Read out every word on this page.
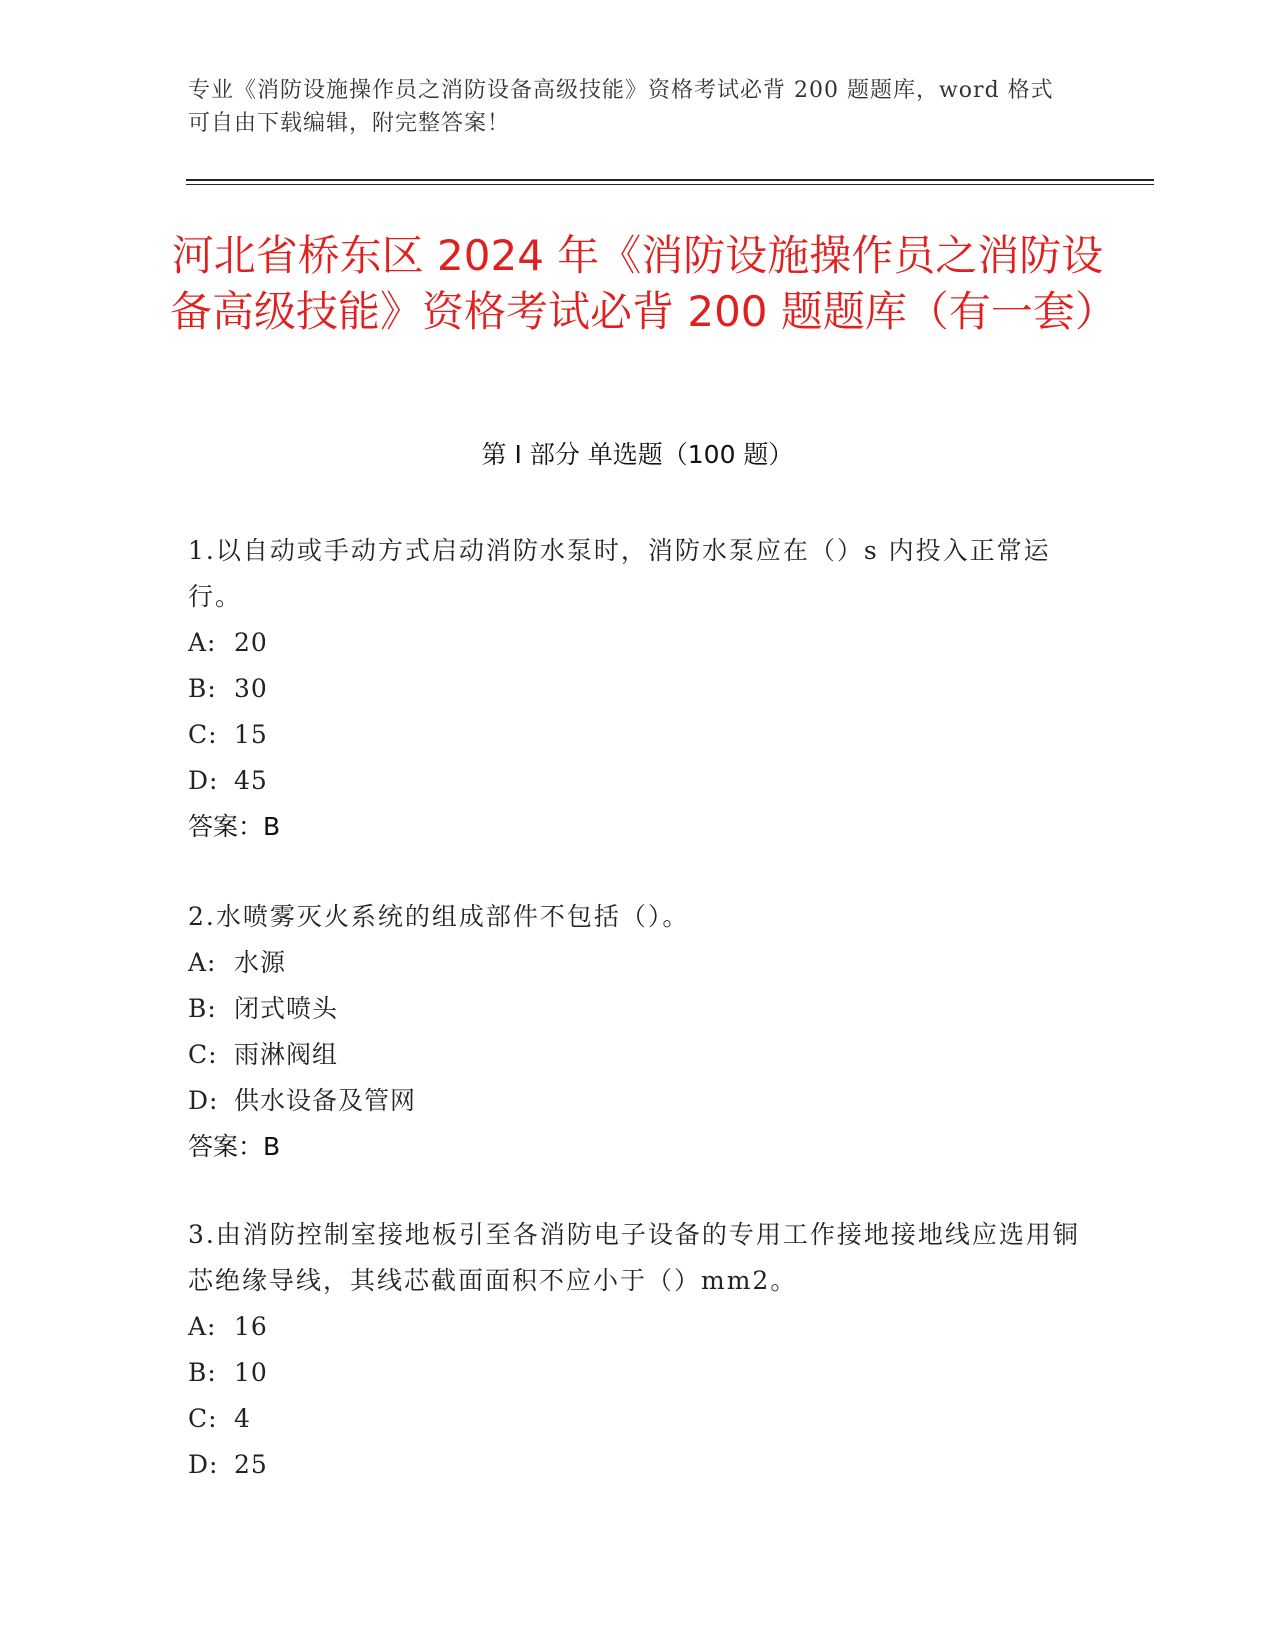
专业《消防设施操作员之消防设备高级技能》资格考试必背 200 题题库，word 格式可自由下载编辑，附完整答案！
河北省桥东区 2024 年《消防设施操作员之消防设备高级技能》资格考试必背 200 题题库（有一套）
第 I 部分 单选题（100 题）

1.以自动或手动方式启动消防水泵时，消防水泵应在（）s 内投入正常运行。

A: 20
B: 30
C: 15
D: 45
答案：B

2.水喷雾灭火系统的组成部件不包括（）。

A: 水源
B: 闭式喷头
C: 雨淋阀组
D: 供水设备及管网
答案：B

3.由消防控制室接地板引至各消防电子设备的专用工作接地接地线应选用铜芯绝缘导线，其线芯截面面积不应小于（）mm2。

A: 16
B: 10
C: 4
D: 25
